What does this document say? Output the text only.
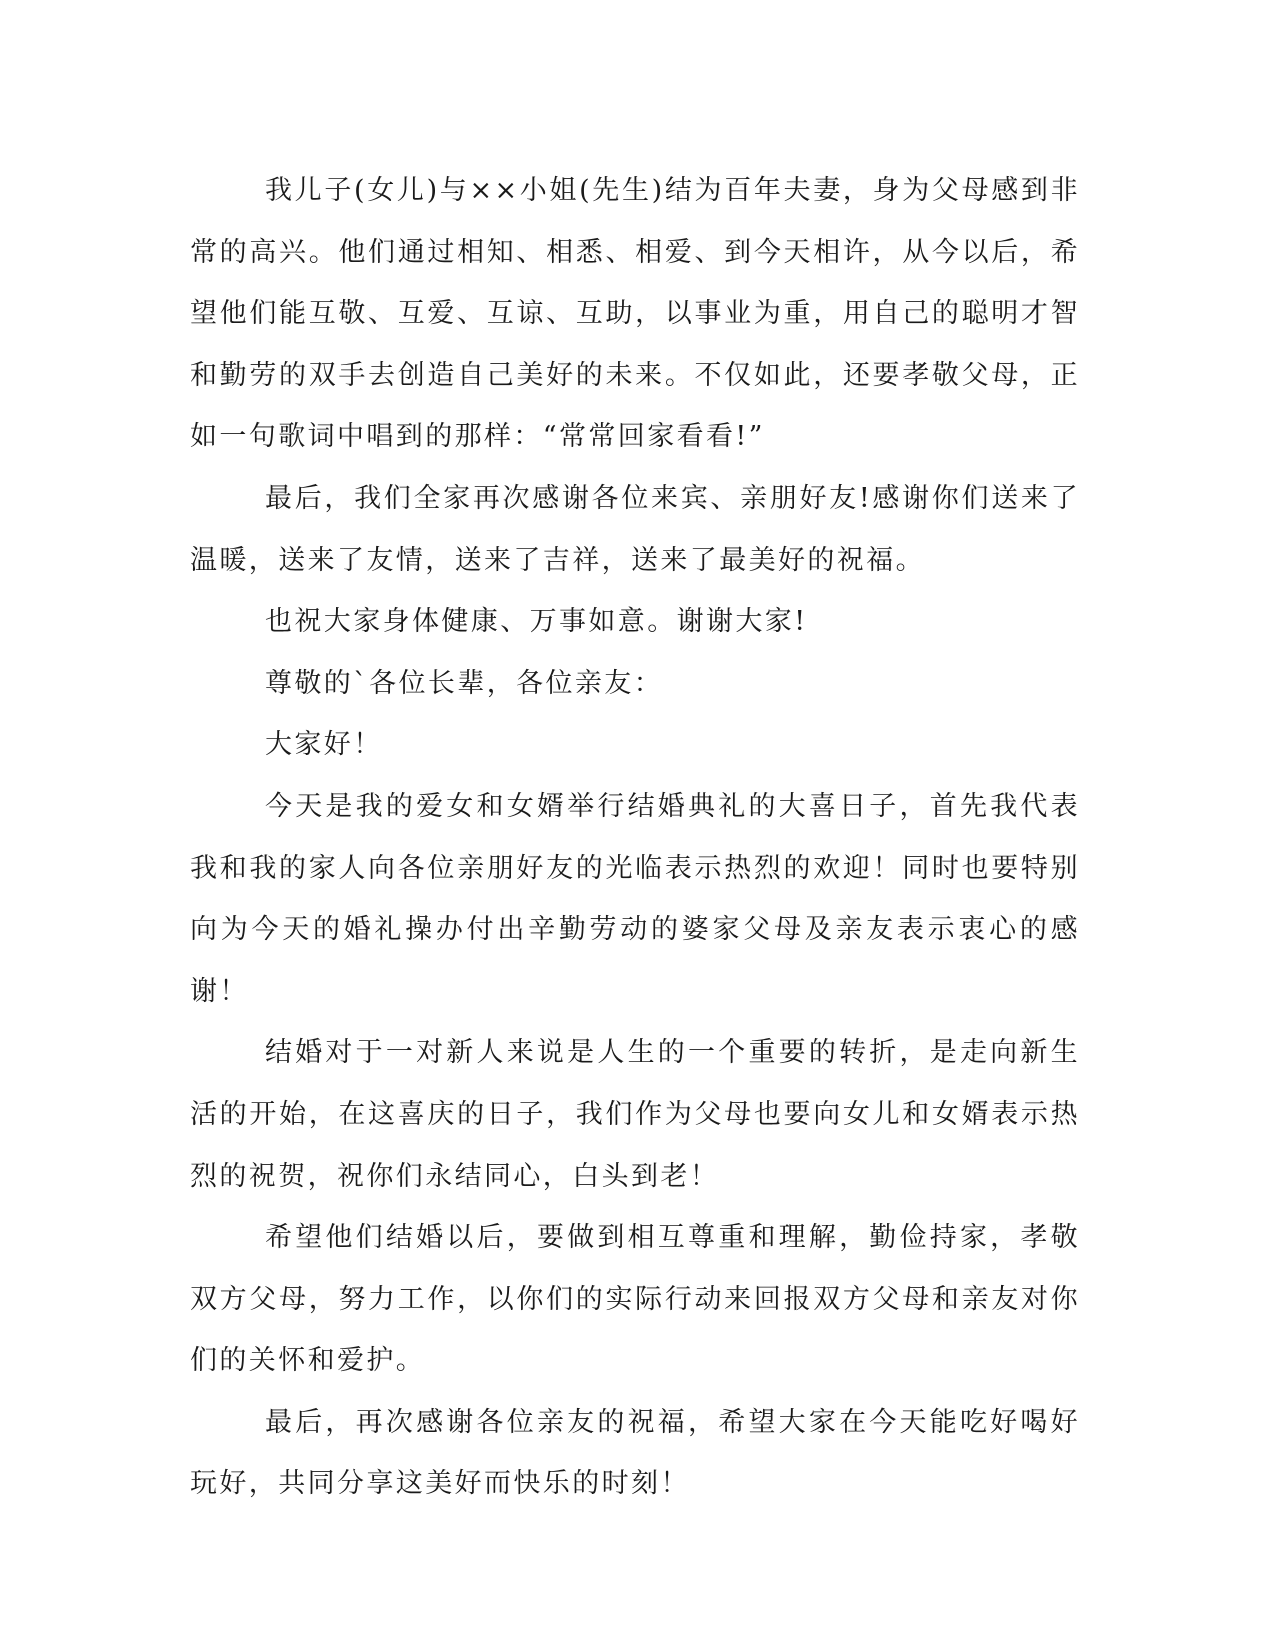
我儿子(女儿)与××小姐(先生)结为百年夫妻，身为父母感到非常的高兴。他们通过相知、相悉、相爱、到今天相许，从今以后，希望他们能互敬、互爱、互谅、互助，以事业为重，用自己的聪明才智和勤劳的双手去创造自己美好的未来。不仅如此，还要孝敬父母，正如一句歌词中唱到的那样：“常常回家看看!”

最后，我们全家再次感谢各位来宾、亲朋好友!感谢你们送来了温暖，送来了友情，送来了吉祥，送来了最美好的祝福。

也祝大家身体健康、万事如意。谢谢大家!

尊敬的`各位长辈，各位亲友：

大家好！

今天是我的爱女和女婿举行结婚典礼的大喜日子，首先我代表我和我的家人向各位亲朋好友的光临表示热烈的欢迎！同时也要特别向为今天的婚礼操办付出辛勤劳动的婆家父母及亲友表示衷心的感谢！

结婚对于一对新人来说是人生的一个重要的转折，是走向新生活的开始，在这喜庆的日子，我们作为父母也要向女儿和女婿表示热烈的祝贺，祝你们永结同心，白头到老！

希望他们结婚以后，要做到相互尊重和理解，勤俭持家，孝敬双方父母，努力工作，以你们的实际行动来回报双方父母和亲友对你们的关怀和爱护。

最后，再次感谢各位亲友的祝福，希望大家在今天能吃好喝好玩好，共同分享这美好而快乐的时刻！
